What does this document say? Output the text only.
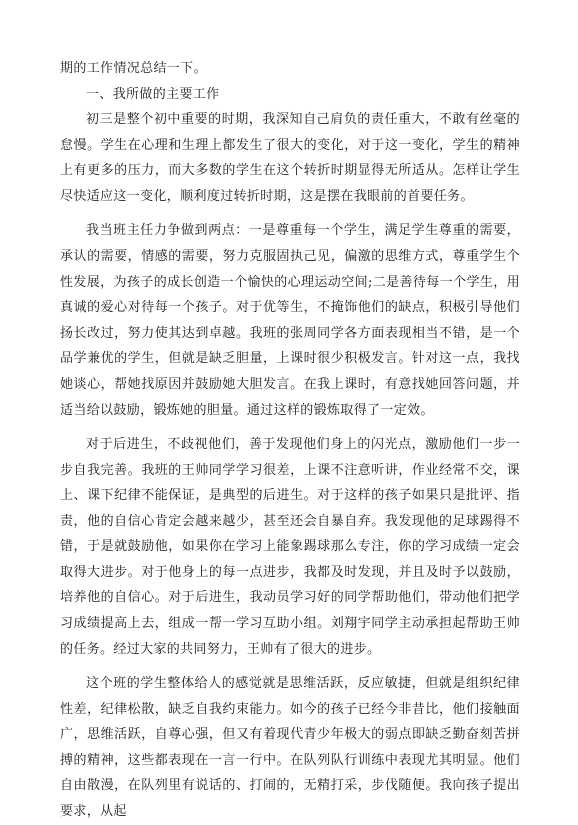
期的工作情况总结一下。

一、我所做的主要工作

初三是整个初中重要的时期，我深知自己肩负的责任重大，不敢有丝毫的怠慢。学生在心理和生理上都发生了很大的变化，对于这一变化，学生的精神上有更多的压力，而大多数的学生在这个转折时期显得无所适从。怎样让学生尽快适应这一变化，顺利度过转折时期，这是摆在我眼前的首要任务。

我当班主任力争做到两点：一是尊重每一个学生，满足学生尊重的需要，承认的需要，情感的需要，努力克服固执己见，偏激的思维方式，尊重学生个性发展，为孩子的成长创造一个愉快的心理运动空间;二是善待每一个学生，用真诚的爱心对待每一个孩子。对于优等生，不掩饰他们的缺点，积极引导他们扬长改过，努力使其达到卓越。我班的张周同学各方面表现相当不错，是一个品学兼优的学生，但就是缺乏胆量，上课时很少积极发言。针对这一点，我找她谈心，帮她找原因并鼓励她大胆发言。在我上课时，有意找她回答问题，并适当给以鼓励，锻炼她的胆量。通过这样的锻炼取得了一定效。

对于后进生，不歧视他们，善于发现他们身上的闪光点，激励他们一步一步自我完善。我班的王帅同学学习很差，上课不注意听讲，作业经常不交，课上、课下纪律不能保证，是典型的后进生。对于这样的孩子如果只是批评、指责，他的自信心肯定会越来越少，甚至还会自暴自弃。我发现他的足球踢得不错，于是就鼓励他，如果你在学习上能象踢球那么专注，你的学习成绩一定会取得大进步。对于他身上的每一点进步，我都及时发现，并且及时予以鼓励，培养他的自信心。对于后进生，我动员学习好的同学帮助他们，带动他们把学习成绩提高上去，组成一帮一学习互助小组。刘翔宇同学主动承担起帮助王帅的任务。经过大家的共同努力，王帅有了很大的进步。

这个班的学生整体给人的感觉就是思维活跃，反应敏捷，但就是组织纪律性差，纪律松散，缺乏自我约束能力。如今的孩子已经今非昔比，他们接触面广，思维活跃，自尊心强，但又有着现代青少年极大的弱点即缺乏勤奋刻苦拼搏的精神，这些都表现在一言一行中。在队列队行训练中表现尤其明显。他们自由散漫，在队列里有说话的、打闹的，无精打采，步伐随便。我向孩子提出要求，从起
